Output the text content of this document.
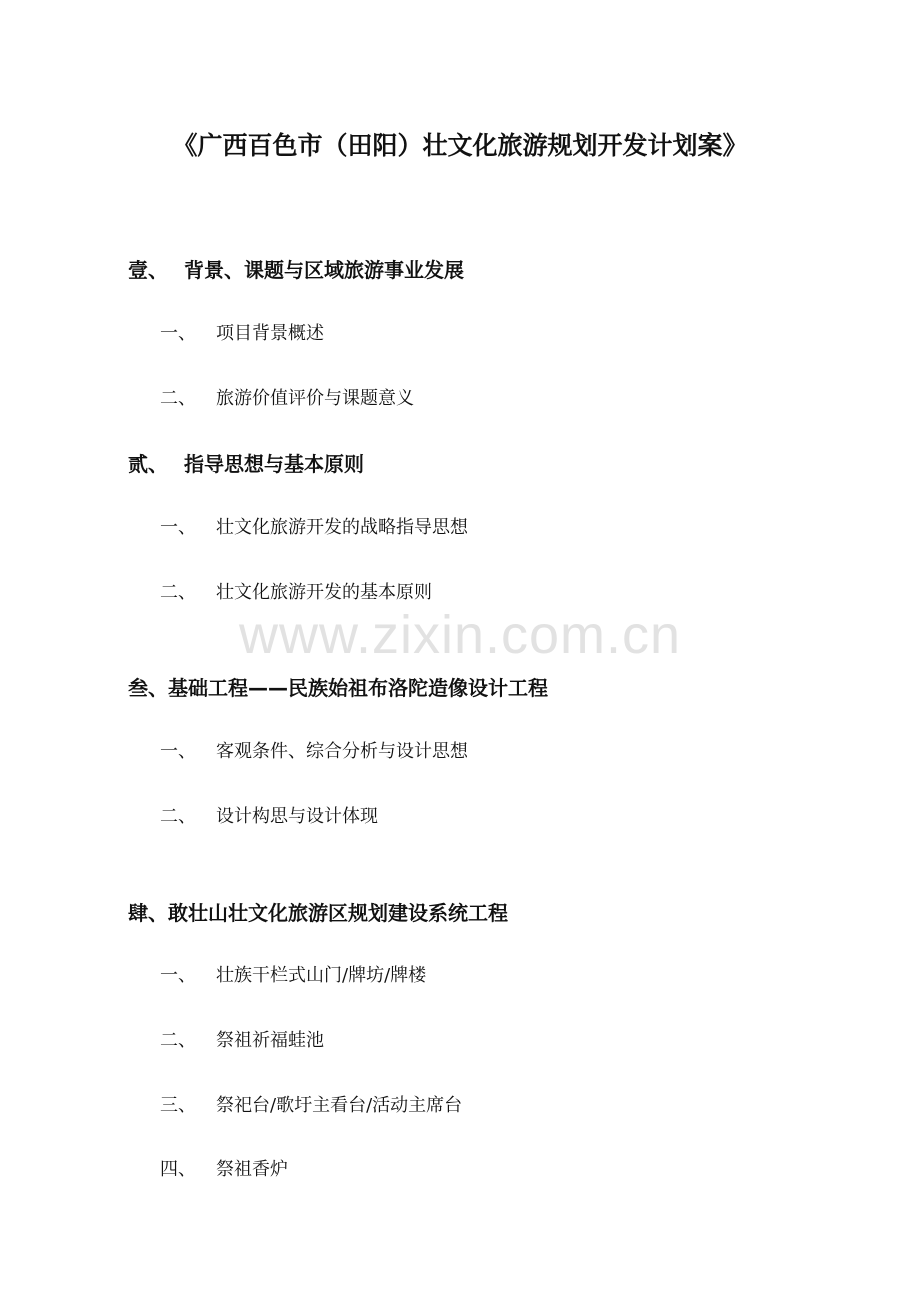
《广西百色市（田阳）壮文化旅游规划开发计划案》
www.zixin.com.cn
壹、 背景、课题与区域旅游事业发展
一、 项目背景概述
二、 旅游价值评价与课题意义
贰、 指导思想与基本原则
一、 壮文化旅游开发的战略指导思想
二、 壮文化旅游开发的基本原则
叁、基础工程——民族始祖布洛陀造像设计工程
一、 客观条件、综合分析与设计思想
二、 设计构思与设计体现
肆、敢壮山壮文化旅游区规划建设系统工程
一、 壮族干栏式山门/牌坊/牌楼
二、 祭祖祈福蛙池
三、 祭祀台/歌圩主看台/活动主席台
四、 祭祖香炉
